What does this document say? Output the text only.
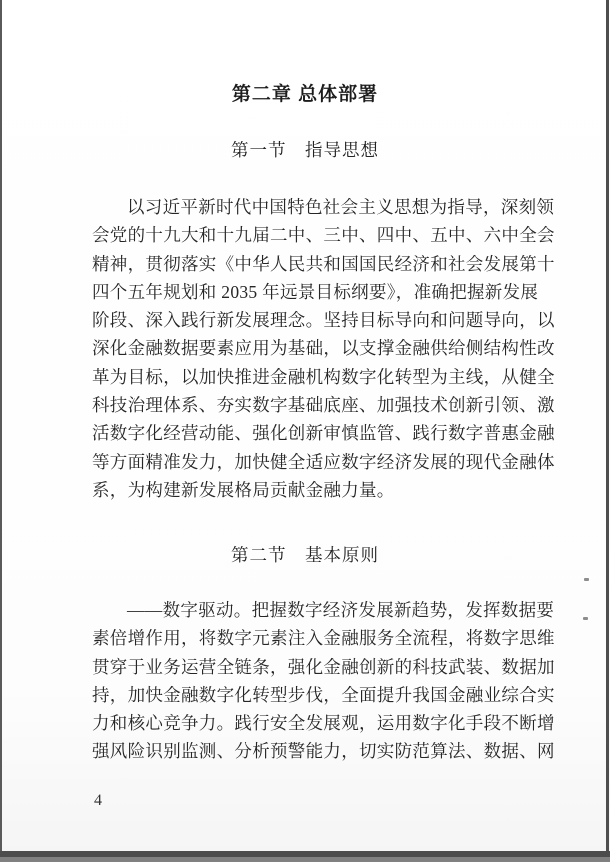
第二章 总体部署
第一节　指导思想
以习近平新时代中国特色社会主义思想为指导，深刻领
会党的十九大和十九届二中、三中、四中、五中、六中全会
精神，贯彻落实《中华人民共和国国民经济和社会发展第十
四个五年规划和 2035 年远景目标纲要》，准确把握新发展
阶段、深入践行新发展理念。坚持目标导向和问题导向，以
深化金融数据要素应用为基础，以支撑金融供给侧结构性改
革为目标，以加快推进金融机构数字化转型为主线，从健全
科技治理体系、夯实数字基础底座、加强技术创新引领、激
活数字化经营动能、强化创新审慎监管、践行数字普惠金融
等方面精准发力，加快健全适应数字经济发展的现代金融体
系，为构建新发展格局贡献金融力量。
第二节　基本原则
——数字驱动。把握数字经济发展新趋势，发挥数据要
素倍增作用，将数字元素注入金融服务全流程，将数字思维
贯穿于业务运营全链条，强化金融创新的科技武装、数据加
持，加快金融数字化转型步伐，全面提升我国金融业综合实
力和核心竞争力。践行安全发展观，运用数字化手段不断增
强风险识别监测、分析预警能力，切实防范算法、数据、网
4
